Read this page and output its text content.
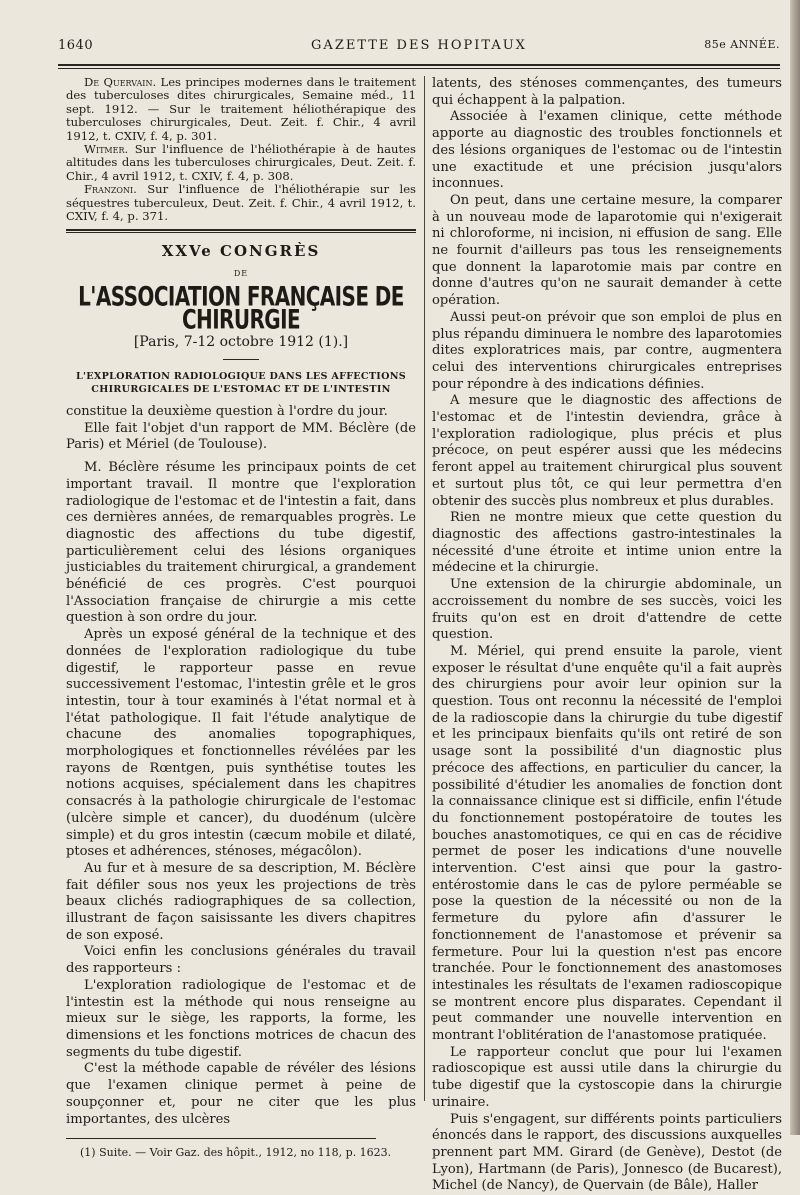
GAZETTE DES HOPITAUX
1640	85e ANNÉE.

De Quervain. Les principes modernes dans le traitement des tuberculoses dites chirurgicales, Semaine méd., 11 sept. 1912. — Sur le traitement héliothérapique des tuberculoses chirurgicales, Deut. Zeit. f. Chir., 4 avril 1912, t. CXIV, f. 4, p. 301.

Witmer. Sur l'influence de l'héliothérapie à de hautes altitudes dans les tuberculoses chirurgicales, Deut. Zeit. f. Chir., 4 avril 1912, t. CXIV, f. 4, p. 308.

Franzoni. Sur l'influence de l'héliothérapie sur les séquestres tuberculeux, Deut. Zeit. f. Chir., 4 avril 1912, t. CXIV, f. 4, p. 371.

XXVe CONGRÈS
DE
L'ASSOCIATION FRANÇAISE DE CHIRURGIE
[Paris, 7-12 octobre 1912 (1).]
L'EXPLORATION RADIOLOGIQUE DANS LES AFFECTIONS CHIRURGICALES DE L'ESTOMAC ET DE L'INTESTIN

constitue la deuxième question à l'ordre du jour.

Elle fait l'objet d'un rapport de MM. Béclère (de Paris) et Mériel (de Toulouse).

M. Béclère résume les principaux points de cet important travail. Il montre que l'exploration radiologique de l'estomac et de l'intestin a fait, dans ces dernières années, de remarquables progrès. Le diagnostic des affections du tube digestif, particulièrement celui des lésions organiques justiciables du traitement chirurgical, a grandement bénéficié de ces progrès. C'est pourquoi l'Association française de chirurgie a mis cette question à son ordre du jour.

Après un exposé général de la technique et des données de l'exploration radiologique du tube digestif, le rapporteur passe en revue successivement l'estomac, l'intestin grêle et le gros intestin, tour à tour examinés à l'état normal et à l'état pathologique. Il fait l'étude analytique de chacune des anomalies topographiques, morphologiques et fonctionnelles révélées par les rayons de Rœntgen, puis synthétise toutes les notions acquises, spécialement dans les chapitres consacrés à la pathologie chirurgicale de l'estomac (ulcère simple et cancer), du duodénum (ulcère simple) et du gros intestin (cæcum mobile et dilaté, ptoses et adhérences, sténoses, mégacôlon).

Au fur et à mesure de sa description, M. Béclère fait défiler sous nos yeux les projections de très beaux clichés radiographiques de sa collection, illustrant de façon saisissante les divers chapitres de son exposé.

Voici enfin les conclusions générales du travail des rapporteurs :

L'exploration radiologique de l'estomac et de l'intestin est la méthode qui nous renseigne au mieux sur le siège, les rapports, la forme, les dimensions et les fonctions motrices de chacun des segments du tube digestif.

C'est la méthode capable de révéler des lésions que l'examen clinique permet à peine de soupçonner et, pour ne citer que les plus importantes, des ulcères

(1) Suite. — Voir Gaz. des hôpit., 1912, no 118, p. 1623.

latents, des sténoses commençantes, des tumeurs qui échappent à la palpation.

Associée à l'examen clinique, cette méthode apporte au diagnostic des troubles fonctionnels et des lésions organiques de l'estomac ou de l'intestin une exactitude et une précision jusqu'alors inconnues.

On peut, dans une certaine mesure, la comparer à un nouveau mode de laparotomie qui n'exigerait ni chloroforme, ni incision, ni effusion de sang. Elle ne fournit d'ailleurs pas tous les renseignements que donnent la laparotomie mais par contre en donne d'autres qu'on ne saurait demander à cette opération.

Aussi peut-on prévoir que son emploi de plus en plus répandu diminuera le nombre des laparotomies dites exploratrices mais, par contre, augmentera celui des interventions chirurgicales entreprises pour répondre à des indications définies.

A mesure que le diagnostic des affections de l'estomac et de l'intestin deviendra, grâce à l'exploration radiologique, plus précis et plus précoce, on peut espérer aussi que les médecins feront appel au traitement chirurgical plus souvent et surtout plus tôt, ce qui leur permettra d'en obtenir des succès plus nombreux et plus durables.

Rien ne montre mieux que cette question du diagnostic des affections gastro-intestinales la nécessité d'une étroite et intime union entre la médecine et la chirurgie.

Une extension de la chirurgie abdominale, un accroissement du nombre de ses succès, voici les fruits qu'on est en droit d'attendre de cette question.

M. Mériel, qui prend ensuite la parole, vient exposer le résultat d'une enquête qu'il a fait auprès des chirurgiens pour avoir leur opinion sur la question. Tous ont reconnu la nécessité de l'emploi de la radioscopie dans la chirurgie du tube digestif et les principaux bienfaits qu'ils ont retiré de son usage sont la possibilité d'un diagnostic plus précoce des affections, en particulier du cancer, la possibilité d'étudier les anomalies de fonction dont la connaissance clinique est si difficile, enfin l'étude du fonctionnement postopératoire de toutes les bouches anastomotiques, ce qui en cas de récidive permet de poser les indications d'une nouvelle intervention. C'est ainsi que pour la gastro-entérostomie dans le cas de pylore perméable se pose la question de la nécessité ou non de la fermeture du pylore afin d'assurer le fonctionnement de l'anastomose et prévenir sa fermeture. Pour lui la question n'est pas encore tranchée. Pour le fonctionnement des anastomoses intestinales les résultats de l'examen radioscopique se montrent encore plus disparates. Cependant il peut commander une nouvelle intervention en montrant l'oblitération de l'anastomose pratiquée.

Le rapporteur conclut que pour lui l'examen radioscopique est aussi utile dans la chirurgie du tube digestif que la cystoscopie dans la chirurgie urinaire.

Puis s'engagent, sur différents points particuliers énoncés dans le rapport, des discussions auxquelles prennent part MM. Girard (de Genève), Destot (de Lyon), Hartmann (de Paris), Jonnesco (de Bucarest), Michel (de Nancy), de Quervain (de Bâle), Haller
